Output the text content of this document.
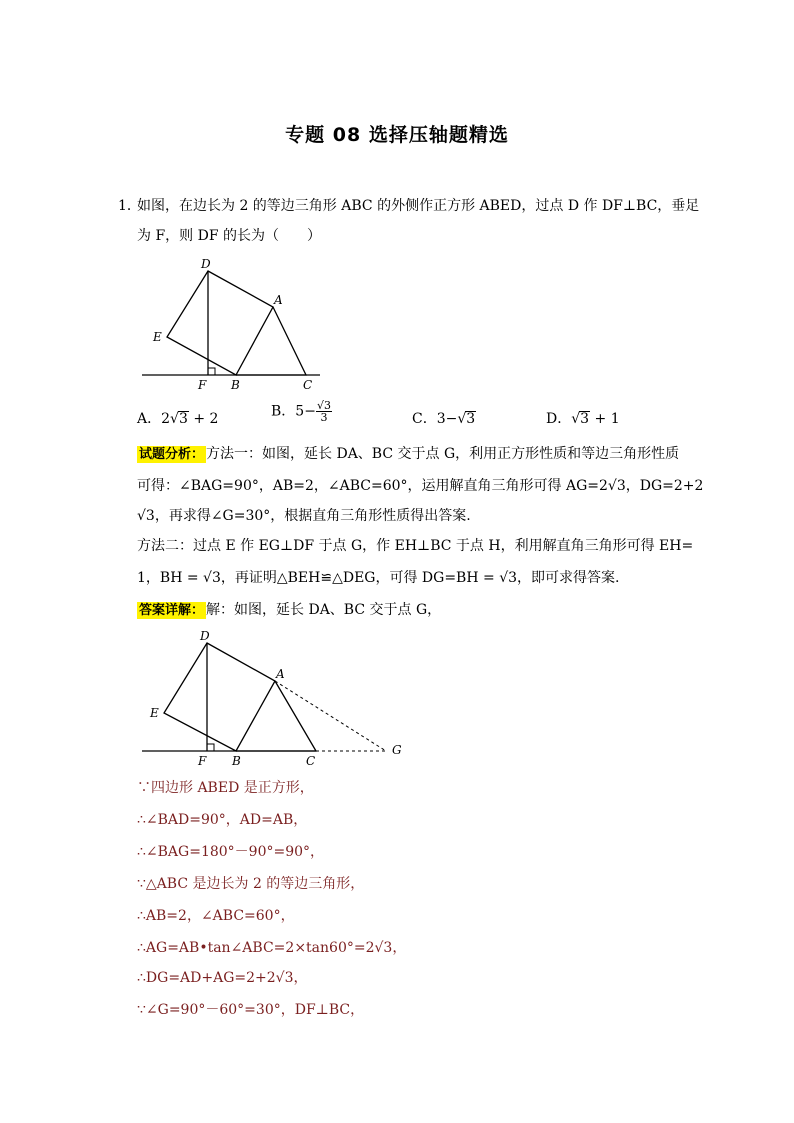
专题 08 选择压轴题精选
1．
如图，在边长为 2 的等边三角形 ABC 的外侧作正方形 ABED，过点 D 作 DF⊥BC，垂足
为 F，则 DF 的长为（　　）
D
A
E
F B	C
A．2√3 + 2	B．$5- \frac{√3}{3}$	C．3−√3	D．√3 + 1
试题分析： 方法一：如图，延长 DA、BC 交于点 G，利用正方形性质和等边三角形性质
可得：∠BAG=90°，AB=2，∠ABC=60°，运用解直角三角形可得 AG=2√3，DG=2+2
√3，再求得∠G=30°，根据直角三角形性质得出答案.
方法二：过点 E 作 EG⊥DF 于点 G，作 EH⊥BC 于点 H，利用解直角三角形可得 EH=
1，BH = √3，再证明△BEH≌△DEG，可得 DG=BH = √3，即可求得答案.
答案详解： 解：如图，延长 DA、BC 交于点 G，
D
A
E
F B	C
G
∵四边形 ABED 是正方形，
∴∠BAD=90°，AD=AB，
∴∠BAG=180°－90°=90°，
∵△ABC 是边长为 2 的等边三角形，
∴AB=2，∠ABC=60°，
∴AG=AB•tan∠ABC=2×tan60°=2√3，
∴DG=AD+AG=2+2√3，
∵∠G=90°－60°=30°，DF⊥BC，
